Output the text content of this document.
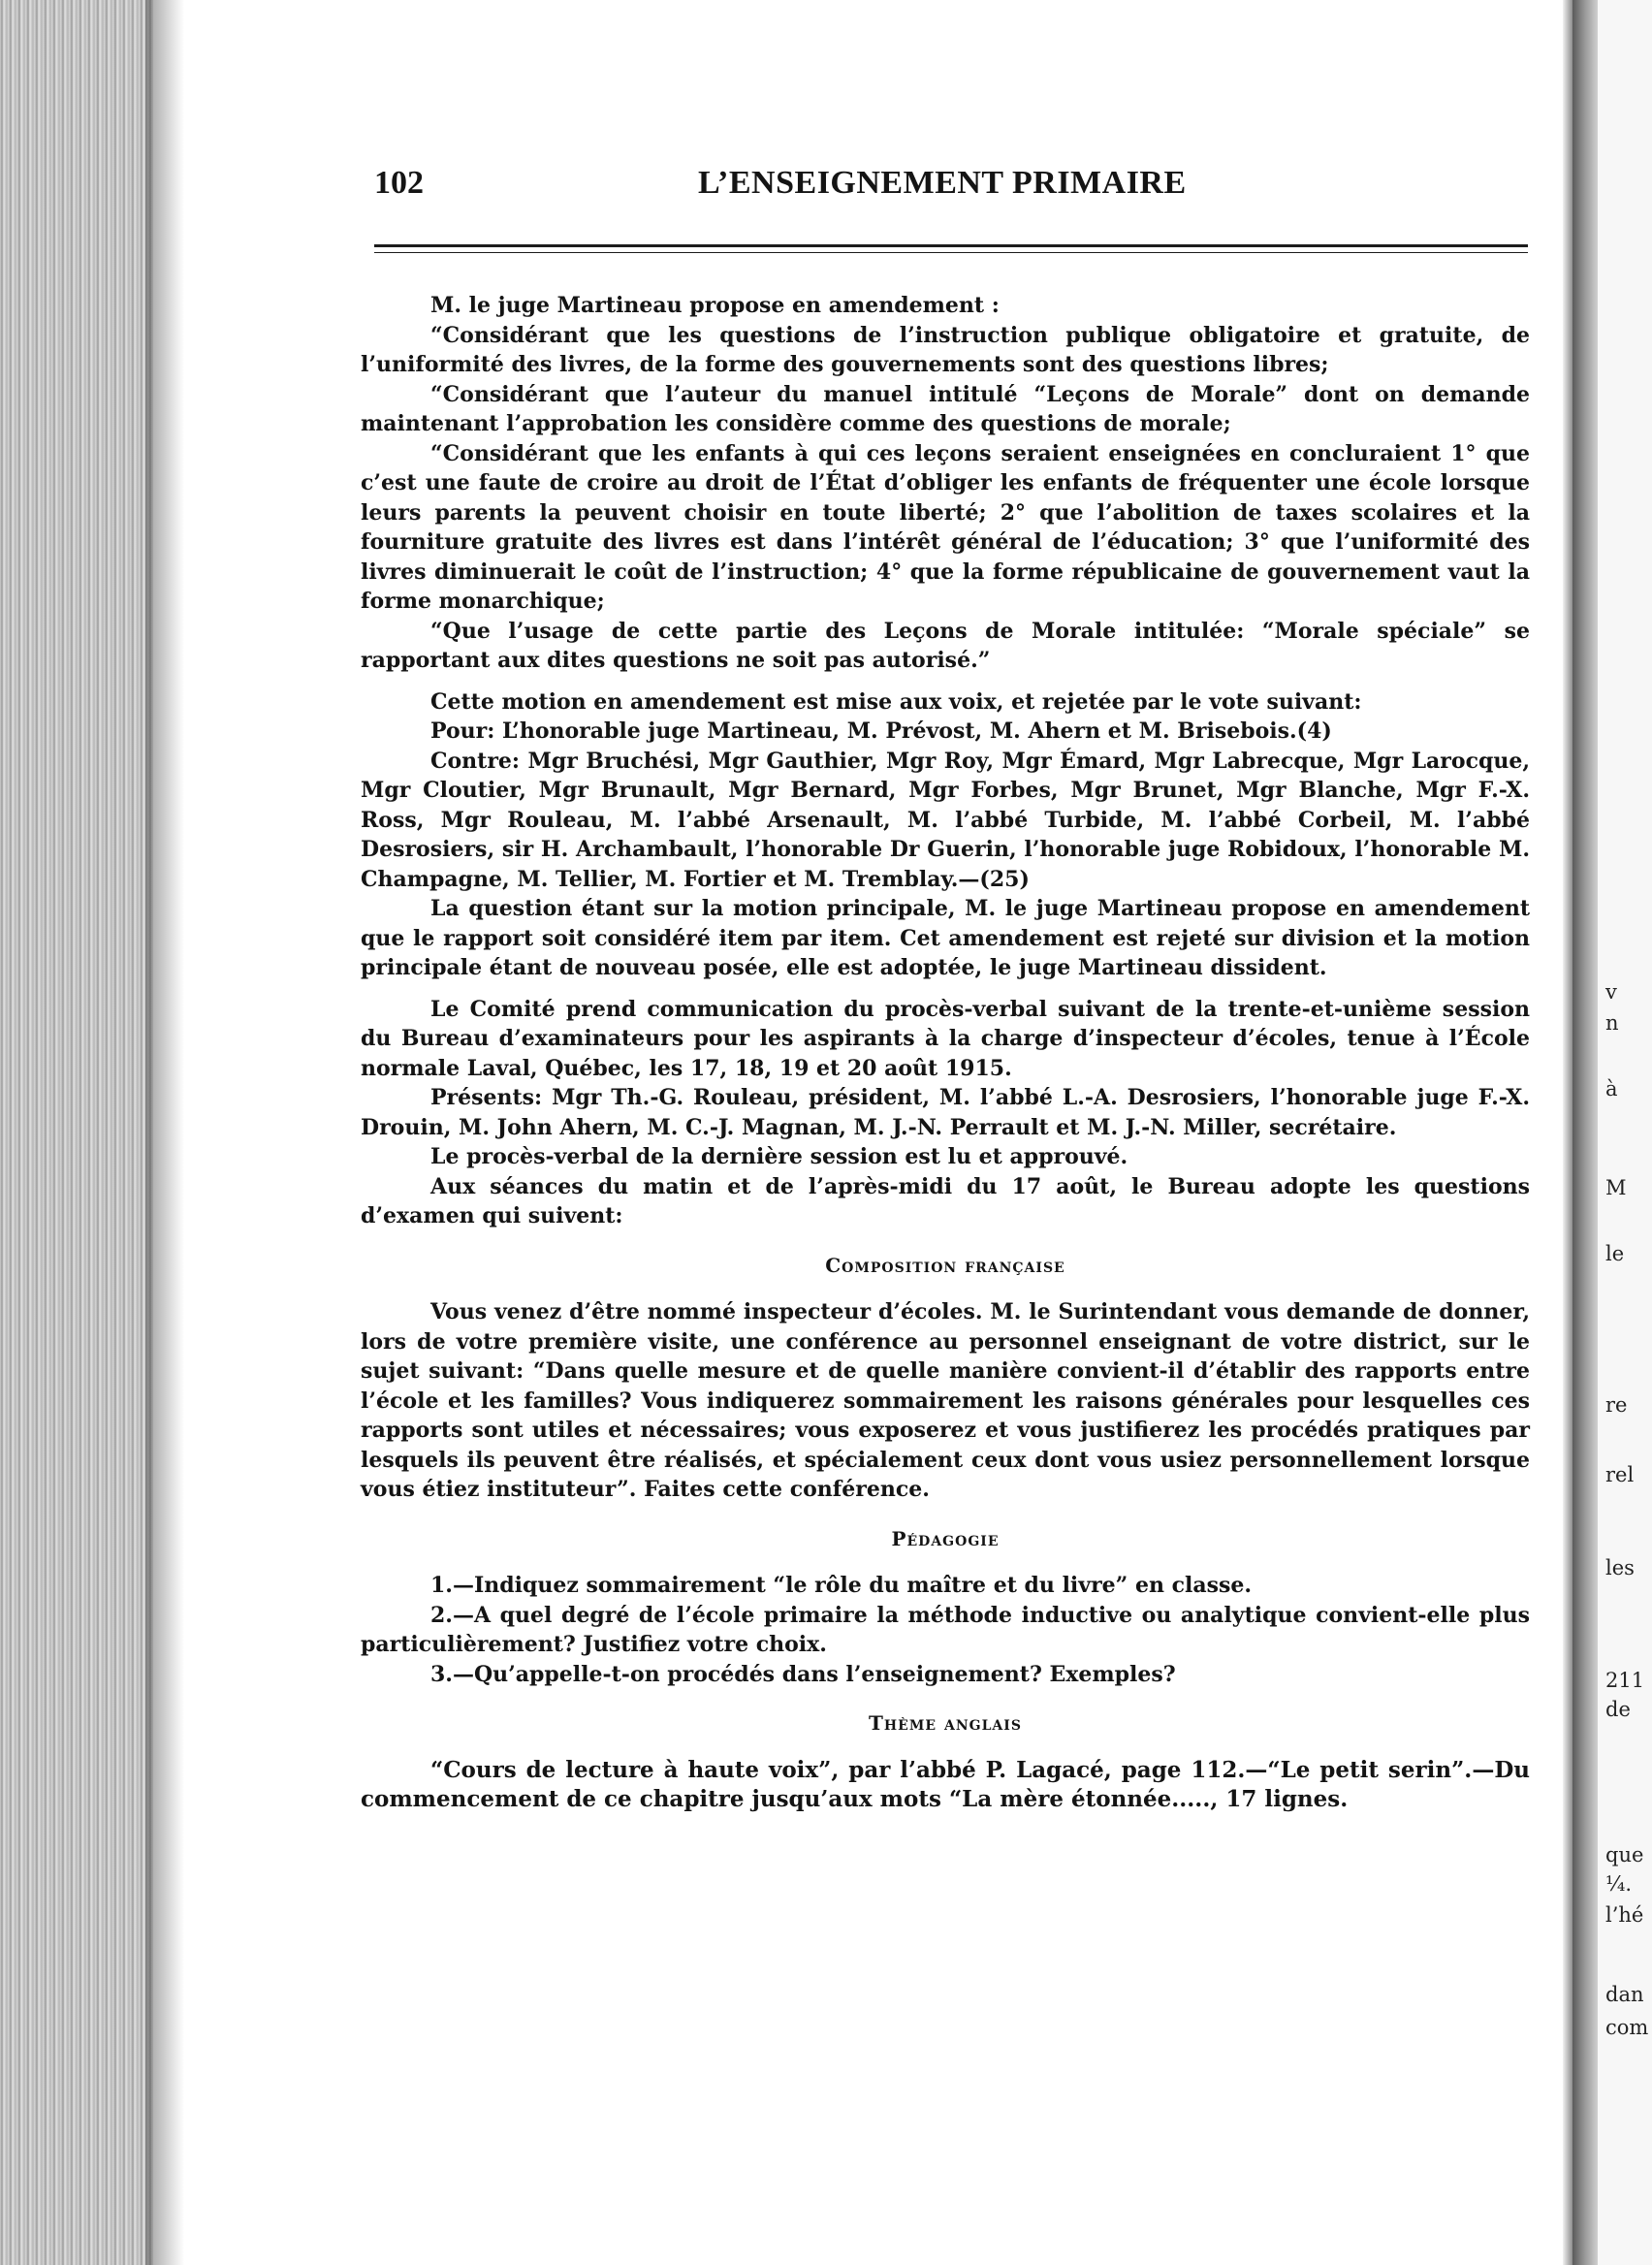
v
n
à
M
le
re
rel
les
211
de
que
¼.
l’hé
dan
com
102	L’ENSEIGNEMENT PRIMAIRE

M. le juge Martineau propose en amendement :

“Considérant que les questions de l’instruction publique obligatoire et gratuite, de l’uniformité des livres, de la forme des gouvernements sont des questions libres;

“Considérant que l’auteur du manuel intitulé “Leçons de Morale” dont on demande maintenant l’approbation les considère comme des questions de morale;

“Considérant que les enfants à qui ces leçons seraient enseignées en concluraient 1° que c’est une faute de croire au droit de l’État d’obliger les enfants de fréquenter une école lorsque leurs parents la peuvent choisir en toute liberté; 2° que l’abolition de taxes scolaires et la fourniture gratuite des livres est dans l’intérêt général de l’éducation; 3° que l’uniformité des livres diminuerait le coût de l’instruction; 4° que la forme républicaine de gouvernement vaut la forme monarchique;

“Que l’usage de cette partie des Leçons de Morale intitulée: “Morale spéciale” se rapportant aux dites questions ne soit pas autorisé.”

Cette motion en amendement est mise aux voix, et rejetée par le vote suivant:

Pour: L’honorable juge Martineau, M. Prévost, M. Ahern et M. Brisebois.(4)

Contre: Mgr Bruchési, Mgr Gauthier, Mgr Roy, Mgr Émard, Mgr Labrecque, Mgr Larocque, Mgr Cloutier, Mgr Brunault, Mgr Bernard, Mgr Forbes, Mgr Brunet, Mgr Blanche, Mgr F.-X. Ross, Mgr Rouleau, M. l’abbé Arsenault, M. l’abbé Turbide, M. l’abbé Corbeil, M. l’abbé Desrosiers, sir H. Archambault, l’honorable Dr Guerin, l’honorable juge Robidoux, l’honorable M. Champagne, M. Tellier, M. Fortier et M. Tremblay.—(25)

La question étant sur la motion principale, M. le juge Martineau propose en amendement que le rapport soit considéré item par item. Cet amendement est rejeté sur division et la motion principale étant de nouveau posée, elle est adoptée, le juge Martineau dissident.

Le Comité prend communication du procès-verbal suivant de la trente-et-unième session du Bureau d’examinateurs pour les aspirants à la charge d’inspecteur d’écoles, tenue à l’École normale Laval, Québec, les 17, 18, 19 et 20 août 1915.

Présents: Mgr Th.-G. Rouleau, président, M. l’abbé L.-A. Desrosiers, l’honorable juge F.-X. Drouin, M. John Ahern, M. C.-J. Magnan, M. J.-N. Perrault et M. J.-N. Miller, secrétaire.

Le procès-verbal de la dernière session est lu et approuvé.

Aux séances du matin et de l’après-midi du 17 août, le Bureau adopte les questions d’examen qui suivent:

Composition française

Vous venez d’être nommé inspecteur d’écoles. M. le Surintendant vous demande de donner, lors de votre première visite, une conférence au personnel enseignant de votre district, sur le sujet suivant: “Dans quelle mesure et de quelle manière convient-il d’établir des rapports entre l’école et les familles? Vous indiquerez sommairement les raisons générales pour lesquelles ces rapports sont utiles et nécessaires; vous exposerez et vous justifierez les procédés pratiques par lesquels ils peuvent être réalisés, et spécialement ceux dont vous usiez personnellement lorsque vous étiez instituteur”. Faites cette conférence.

Pédagogie

1.—Indiquez sommairement “le rôle du maître et du livre” en classe.

2.—A quel degré de l’école primaire la méthode inductive ou analytique convient-elle plus particulièrement? Justifiez votre choix.

3.—Qu’appelle-t-on procédés dans l’enseignement? Exemples?

Thème anglais

“Cours de lecture à haute voix”, par l’abbé P. Lagacé, page 112.—“Le petit serin”.—Du commencement de ce chapitre jusqu’aux mots “La mère étonnée....., 17 lignes.
